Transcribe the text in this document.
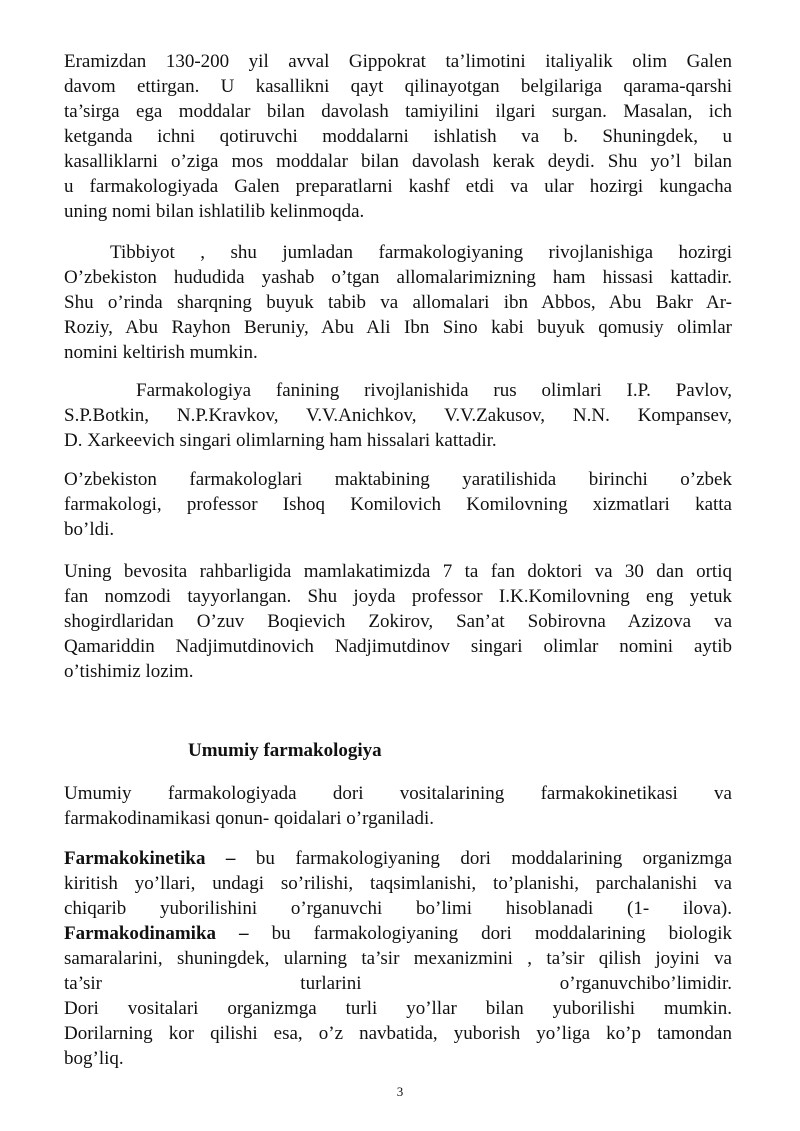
Eramizdan 130-200 yil avval Gippokrat ta’limotini italiyalik olim Galen
davom ettirgan. U kasallikni qayt qilinayotgan belgilariga qarama-qarshi
ta’sirga ega moddalar bilan davolash tamiyilini ilgari surgan. Masalan, ich
ketganda ichni qotiruvchi moddalarni ishlatish va b. Shuningdek, u
kasalliklarni o’ziga mos moddalar bilan davolash kerak deydi. Shu yo’l bilan
u farmakologiyada Galen preparatlarni kashf etdi va ular hozirgi kungacha
uning nomi bilan ishlatilib kelinmoqda.
Tibbiyot , shu jumladan farmakologiyaning rivojlanishiga hozirgi
O’zbekiston hududida yashab o’tgan allomalarimizning ham hissasi kattadir.
Shu o’rinda sharqning buyuk tabib va allomalari ibn Abbos, Abu Bakr Ar-
Roziy, Abu Rayhon Beruniy, Abu Ali Ibn Sino kabi buyuk qomusiy olimlar
nomini keltirish mumkin.
Farmakologiya fanining rivojlanishida rus olimlari I.P. Pavlov,
S.P.Botkin, N.P.Kravkov, V.V.Anichkov, V.V.Zakusov, N.N. Kompansev,
D. Xarkeevich singari olimlarning ham hissalari kattadir.
O’zbekiston farmakologlari maktabining yaratilishida birinchi o’zbek
farmakologi, professor Ishoq Komilovich Komilovning xizmatlari katta
bo’ldi.
Uning bevosita rahbarligida mamlakatimizda 7 ta fan doktori va 30 dan ortiq
fan nomzodi tayyorlangan. Shu joyda professor I.K.Komilovning eng yetuk
shogirdlaridan O’zuv Boqievich Zokirov, San’at Sobirovna Azizova va
Qamariddin Nadjimutdinovich Nadjimutdinov singari olimlar nomini aytib
o’tishimiz lozim.
Umumiy farmakologiya
Umumiy farmakologiyada dori vositalarining farmakokinetikasi va
farmakodinamikasi qonun- qoidalari o’rganiladi.
Farmakokinetika – bu farmakologiyaning dori moddalarining organizmga
kiritish yo’llari, undagi so’rilishi, taqsimlanishi, to’planishi, parchalanishi va
chiqarib yuborilishini o’rganuvchi bo’limi hisoblanadi (1- ilova).
Farmakodinamika – bu farmakologiyaning dori moddalarining biologik
samaralarini, shuningdek, ularning ta’sir mexanizmini , ta’sir qilish joyini va
ta’sir turlarini o’rganuvchibo’limidir.
Dori vositalari organizmga turli yo’llar bilan yuborilishi mumkin.
Dorilarning kor qilishi esa, o’z navbatida, yuborish yo’liga ko’p tamondan
bog’liq.
3
